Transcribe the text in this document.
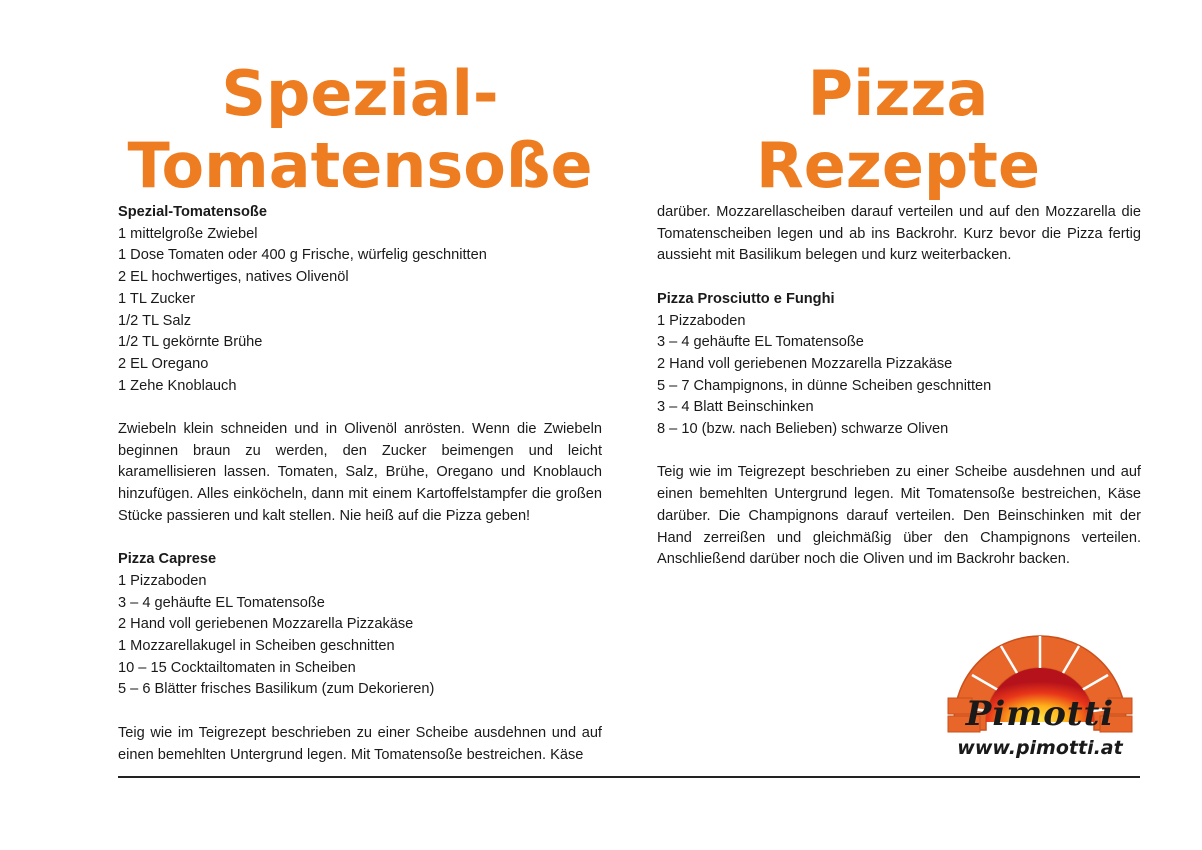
Spezial-
Tomatensoße
Pizza Rezepte

Spezial-Tomatensoße

1 mittelgroße Zwiebel

1 Dose Tomaten oder 400 g Frische, würfelig geschnitten

2 EL hochwertiges, natives Olivenöl

1 TL Zucker

1/2 TL Salz

1/2 TL gekörnte Brühe

2 EL Oregano

1 Zehe Knoblauch

Zwiebeln klein schneiden und in Olivenöl anrösten. Wenn die Zwiebeln beginnen braun zu werden, den Zucker beimengen und leicht karamellisieren lassen. Tomaten, Salz, Brühe, Oregano und Knoblauch hinzufügen. Alles einköcheln, dann mit einem Kartoffelstampfer die großen Stücke passieren und kalt stellen. Nie heiß auf die Pizza geben!

Pizza Caprese

1 Pizzaboden

3 – 4 gehäufte EL Tomatensoße

2 Hand voll geriebenen Mozzarella Pizzakäse

1 Mozzarellakugel in Scheiben geschnitten

10 – 15 Cocktailtomaten in Scheiben

5 – 6 Blätter frisches Basilikum (zum Dekorieren)

Teig wie im Teigrezept beschrieben zu einer Scheibe ausdehnen und auf einen bemehlten Untergrund legen. Mit Tomatensoße bestreichen. Käse

darüber. Mozzarellascheiben darauf verteilen und auf den Mozzarella die Tomatenscheiben legen und ab ins Backrohr. Kurz bevor die Pizza fertig aussieht mit Basilikum belegen und kurz weiterbacken.

Pizza Prosciutto e Funghi

1 Pizzaboden

3 – 4 gehäufte EL Tomatensoße

2 Hand voll geriebenen Mozzarella Pizzakäse

5 – 7 Champignons, in dünne Scheiben geschnitten

3 – 4 Blatt Beinschinken

8 – 10 (bzw. nach Belieben) schwarze Oliven

Teig wie im Teigrezept beschrieben zu einer Scheibe ausdehnen und auf einen bemehlten Untergrund legen. Mit Tomatensoße bestreichen, Käse darüber. Die Champignons darauf verteilen. Den Beinschinken mit der Hand zerreißen und gleichmäßig über den Champignons verteilen. Anschließend darüber noch die Oliven und im Backrohr backen.

Pimotti
www.pimotti.at
